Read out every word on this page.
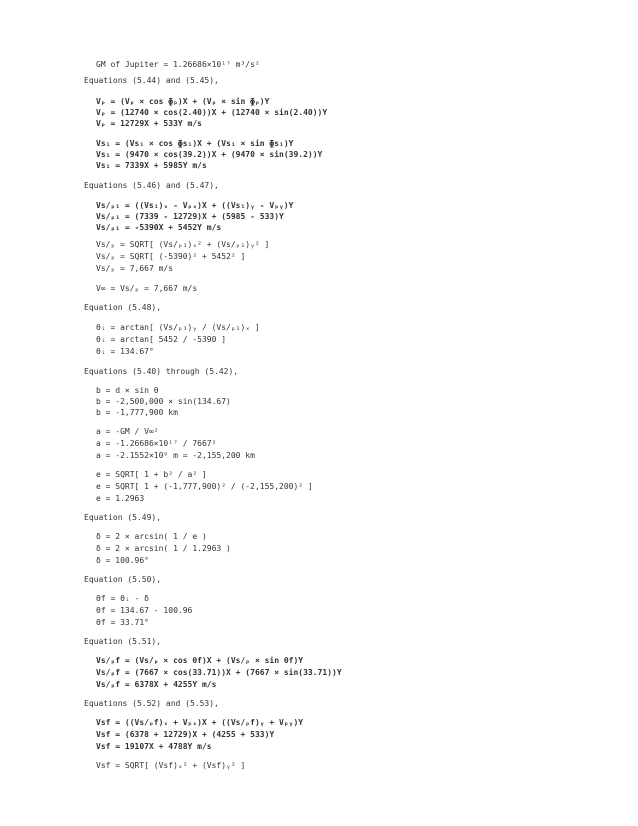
GM of Jupiter = 1.26686×10¹⁷ m³/s²
Equations (5.44) and (5.45),
Vₚ = (Vₚ × cos ɸₚ)X + (Vₚ × sin ɸₚ)Y
Vₚ = (12740 × cos(2.40))X + (12740 × sin(2.40))Y
Vₚ = 12729X + 533Y m/s
Vs₁ = (Vs₁ × cos ɸs₁)X + (Vs₁ × sin ɸs₁)Y
Vs₁ = (9470 × cos(39.2))X + (9470 × sin(39.2))Y
Vs₁ = 7339X + 5985Y m/s
Equations (5.46) and (5.47),
Vs/ₚ₁ = ((Vs₁)ₓ - Vₚₓ)X + ((Vs₁)ᵧ - Vₚᵧ)Y
Vs/ₚ₁ = (7339 - 12729)X + (5985 - 533)Y
Vs/ₚ₁ = -5390X + 5452Y m/s
Vs/ₚ = SQRT[ (Vs/ₚ₁)ₓ² + (Vs/ₚ₁)ᵧ² ]
Vs/ₚ = SQRT[ (-5390)² + 5452² ]
Vs/ₚ = 7,667 m/s
V∞ = Vs/ₚ = 7,667 m/s
Equation (5.48),
θᵢ = arctan[ (Vs/ₚ₁)ᵧ / (Vs/ₚ₁)ₓ ]
θᵢ = arctan[ 5452 / -5390 ]
θᵢ = 134.67°
Equations (5.40) through (5.42),
b = d × sin θ
b = -2,500,000 × sin(134.67)
b = -1,777,900 km
a = -GM / V∞²
a = -1.26686×10¹⁷ / 7667²
a = -2.1552×10⁹ m = -2,155,200 km
e = SQRT[ 1 + b² / a² ]
e = SQRT[ 1 + (-1,777,900)² / (-2,155,200)² ]
e = 1.2963
Equation (5.49),
δ = 2 × arcsin( 1 / e )
δ = 2 × arcsin( 1 / 1.2963 )
δ = 100.96°
Equation (5.50),
θf = θᵢ - δ
θf = 134.67 - 100.96
θf = 33.71°
Equation (5.51),
Vs/ₚf = (Vs/ₚ × cos θf)X + (Vs/ₚ × sin θf)Y
Vs/ₚf = (7667 × cos(33.71))X + (7667 × sin(33.71))Y
Vs/ₚf = 6378X + 4255Y m/s
Equations (5.52) and (5.53),
Vsf = ((Vs/ₚf)ₓ + Vₚₓ)X + ((Vs/ₚf)ᵧ + Vₚᵧ)Y
Vsf = (6378 + 12729)X + (4255 + 533)Y
Vsf = 19107X + 4788Y m/s
Vsf = SQRT[ (Vsf)ₓ² + (Vsf)ᵧ² ]
